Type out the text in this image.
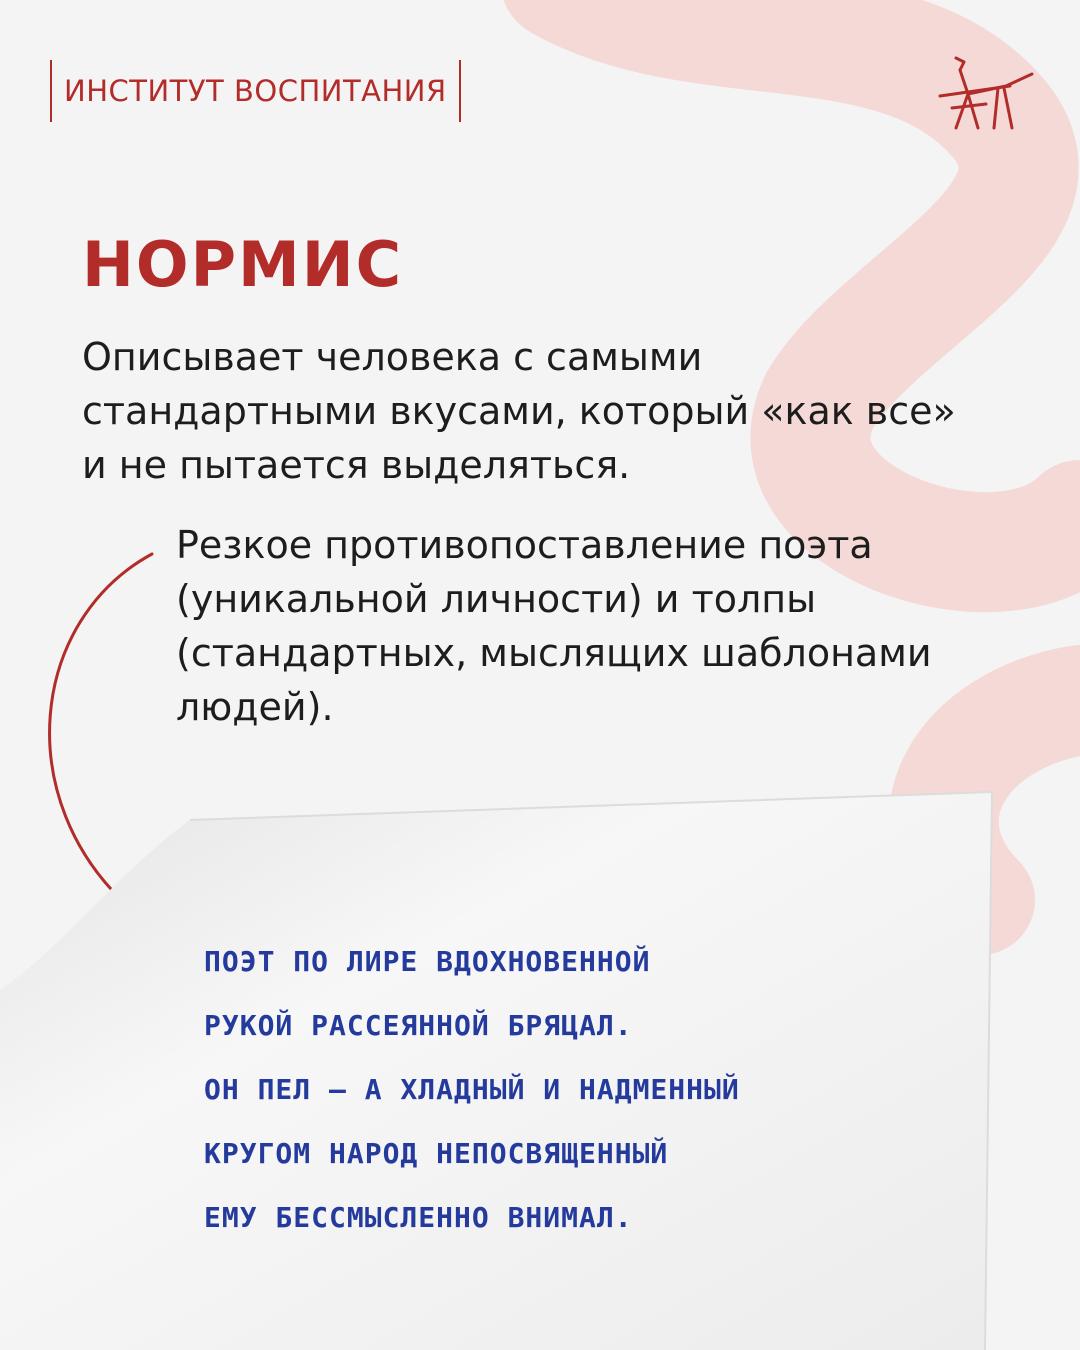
ИНСТИТУТ ВОСПИТАНИЯ
НОРМИС

Описывает человека с самыми стандартными вкусами, который «как все» и не пытается выделяться.

Резкое противопоставление поэта (уникальной личности) и толпы (стандартных, мыслящих шаблонами людей).

ПОЭТ ПО ЛИРЕ ВДОХНОВЕННОЙ
РУКОЙ РАССЕЯННОЙ БРЯЦАЛ.
ОН ПЕЛ – А ХЛАДНЫЙ И НАДМЕННЫЙ
КРУГОМ НАРОД НЕПОСВЯЩЕННЫЙ
ЕМУ БЕССМЫСЛЕННО ВНИМАЛ.
